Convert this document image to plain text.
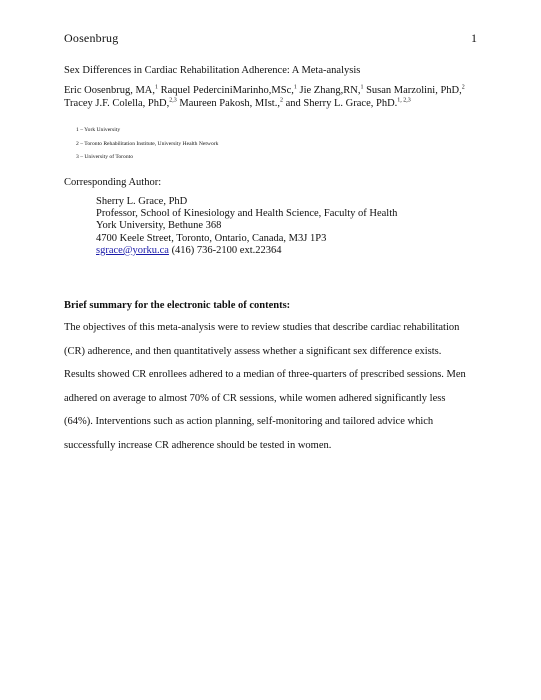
Oosenbrug	1
Sex Differences in Cardiac Rehabilitation Adherence: A Meta-analysis
Eric Oosenbrug, MA,$^1$ Raquel PederciniMarinho,MSc,$^1$ Jie Zhang,RN,$^1$ Susan Marzolini, PhD,$^2$
Tracey J.F. Colella, PhD,$^{2,3}$ Maureen Pakosh, MIst.,$^2$ and Sherry L. Grace, PhD.$^{1, 2,3}$
1 – York University
2 – Toronto Rehabilitation Institute, University Health Network
3 – University of Toronto
Corresponding Author:
Sherry L. Grace, PhD
Professor, School of Kinesiology and Health Science, Faculty of Health
York University, Bethune 368
4700 Keele Street, Toronto, Ontario, Canada, M3J 1P3
sgrace@yorku.ca (416) 736-2100 ext.22364
Brief summary for the electronic table of contents:
The objectives of this meta-analysis were to review studies that describe cardiac rehabilitation
(CR) adherence, and then quantitatively assess whether a significant sex difference exists.
Results showed CR enrollees adhered to a median of three-quarters of prescribed sessions. Men
adhered on average to almost 70% of CR sessions, while women adhered significantly less
(64%). Interventions such as action planning, self-monitoring and tailored advice which
successfully increase CR adherence should be tested in women.
